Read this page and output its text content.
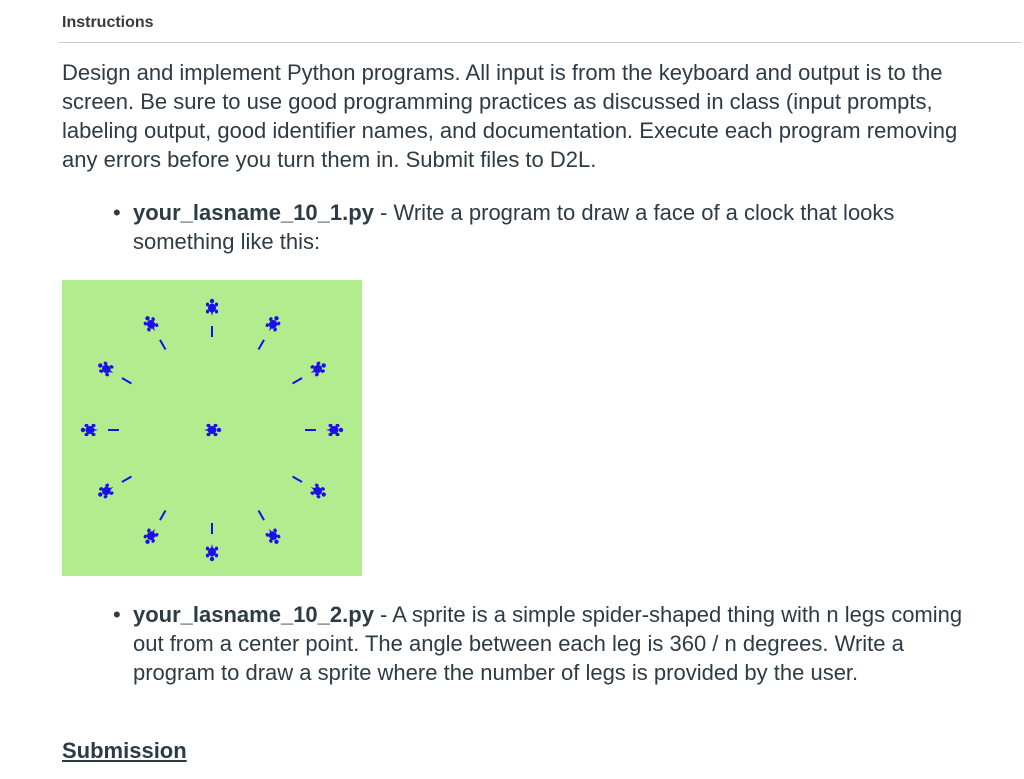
Instructions

Design and implement Python programs. All input is from the keyboard and output is to the screen. Be sure to use good programming practices as discussed in class (input prompts, labeling output, good identifier names, and documentation. Execute each program removing any errors before you turn them in. Submit files to D2L.

• your_lasname_10_1.py - Write a program to draw a face of a clock that looks something like this:
• your_lasname_10_2.py - A sprite is a simple spider-shaped thing with n legs coming out from a center point. The angle between each leg is 360 / n degrees. Write a program to draw a sprite where the number of legs is provided by the user.
Submission
